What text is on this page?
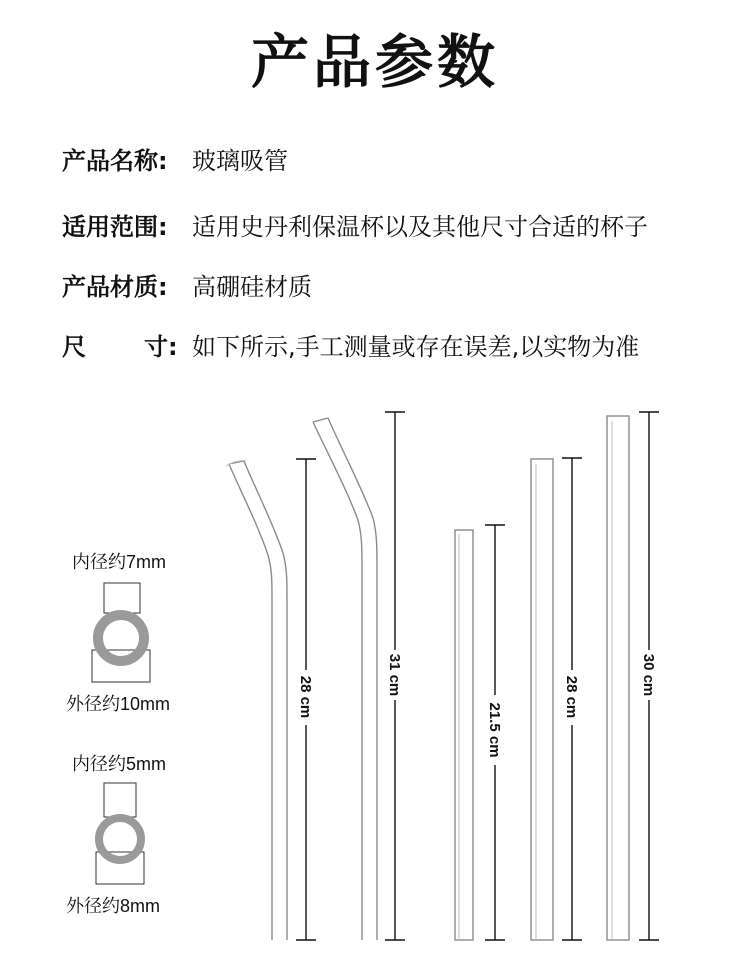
产品参数
产品名称: 玻璃吸管
适用范围: 适用史丹利保温杯以及其他尺寸合适的杯子
产品材质: 高硼硅材质
尺 寸: 如下所示,手工测量或存在误差,以实物为准
内径约7mm
外径约10mm
内径约5mm
外径约8mm
28 cm
31 cm
21.5 cm
28 cm
30 cm
